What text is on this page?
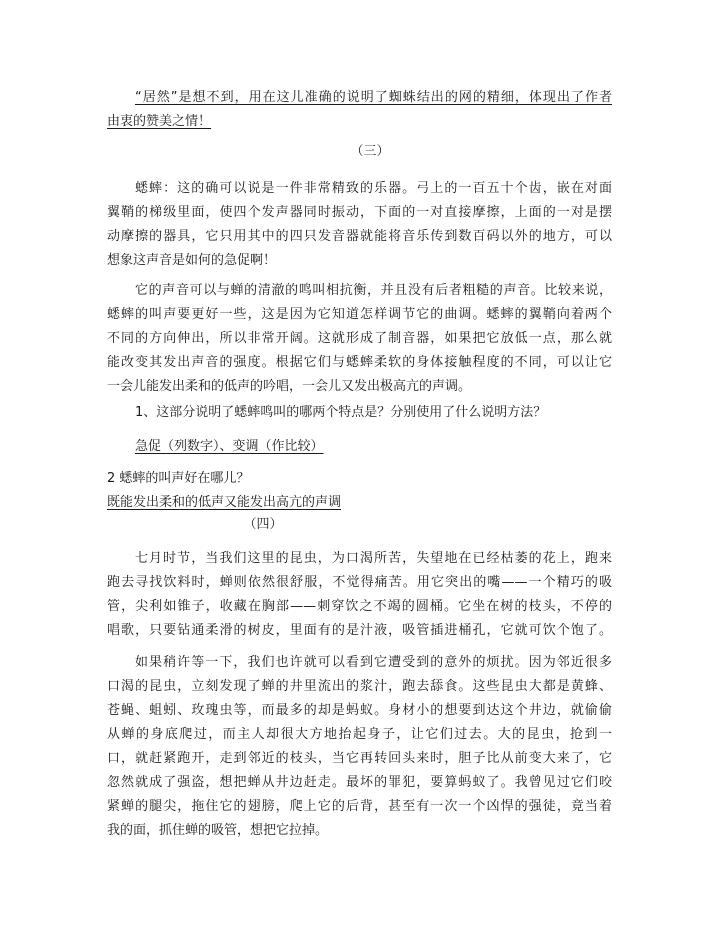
“居然”是想不到，用在这儿准确的说明了蜘蛛结出的网的精细，体现出了作者
由衷的赞美之情！
（三）
蟋蟀：这的确可以说是一件非常精致的乐器。弓上的一百五十个齿，嵌在对面
翼鞘的梯级里面，使四个发声器同时振动，下面的一对直接摩擦，上面的一对是摆
动摩擦的器具，它只用其中的四只发音器就能将音乐传到数百码以外的地方，可以
想象这声音是如何的急促啊！
它的声音可以与蝉的清澈的鸣叫相抗衡，并且没有后者粗糙的声音。比较来说，
蟋蟀的叫声要更好一些，这是因为它知道怎样调节它的曲调。蟋蟀的翼鞘向着两个
不同的方向伸出，所以非常开阔。这就形成了制音器，如果把它放低一点，那么就
能改变其发出声音的强度。根据它们与蟋蟀柔软的身体接触程度的不同，可以让它
一会儿能发出柔和的低声的吟唱，一会儿又发出极高亢的声调。
1、这部分说明了蟋蟀鸣叫的哪两个特点是？分别使用了什么说明方法？
急促（列数字）、变调（作比较）
2 蟋蟀的叫声好在哪儿？
既能发出柔和的低声又能发出高亢的声调
（四）
七月时节，当我们这里的昆虫，为口渴所苦，失望地在已经枯萎的花上，跑来
跑去寻找饮料时，蝉则依然很舒服，不觉得痛苦。用它突出的嘴——一个精巧的吸
管，尖利如锥子，收藏在胸部——刺穿饮之不竭的圆桶。它坐在树的枝头，不停的
唱歌，只要钻通柔滑的树皮，里面有的是汁液，吸管插进桶孔，它就可饮个饱了。
如果稍许等一下，我们也许就可以看到它遭受到的意外的烦扰。因为邻近很多
口渴的昆虫，立刻发现了蝉的井里流出的浆汁，跑去舔食。这些昆虫大都是黄蜂、
苍蝇、蛆蚓、玫瑰虫等，而最多的却是蚂蚁。身材小的想要到达这个井边，就偷偷
从蝉的身底爬过，而主人却很大方地抬起身子，让它们过去。大的昆虫，抢到一
口，就赶紧跑开，走到邻近的枝头，当它再转回头来时，胆子比从前变大来了，它
忽然就成了强盗，想把蝉从井边赶走。最坏的罪犯，要算蚂蚁了。我曾见过它们咬
紧蝉的腿尖，拖住它的翅膀，爬上它的后背，甚至有一次一个凶悍的强徒，竟当着
我的面，抓住蝉的吸管，想把它拉掉。
